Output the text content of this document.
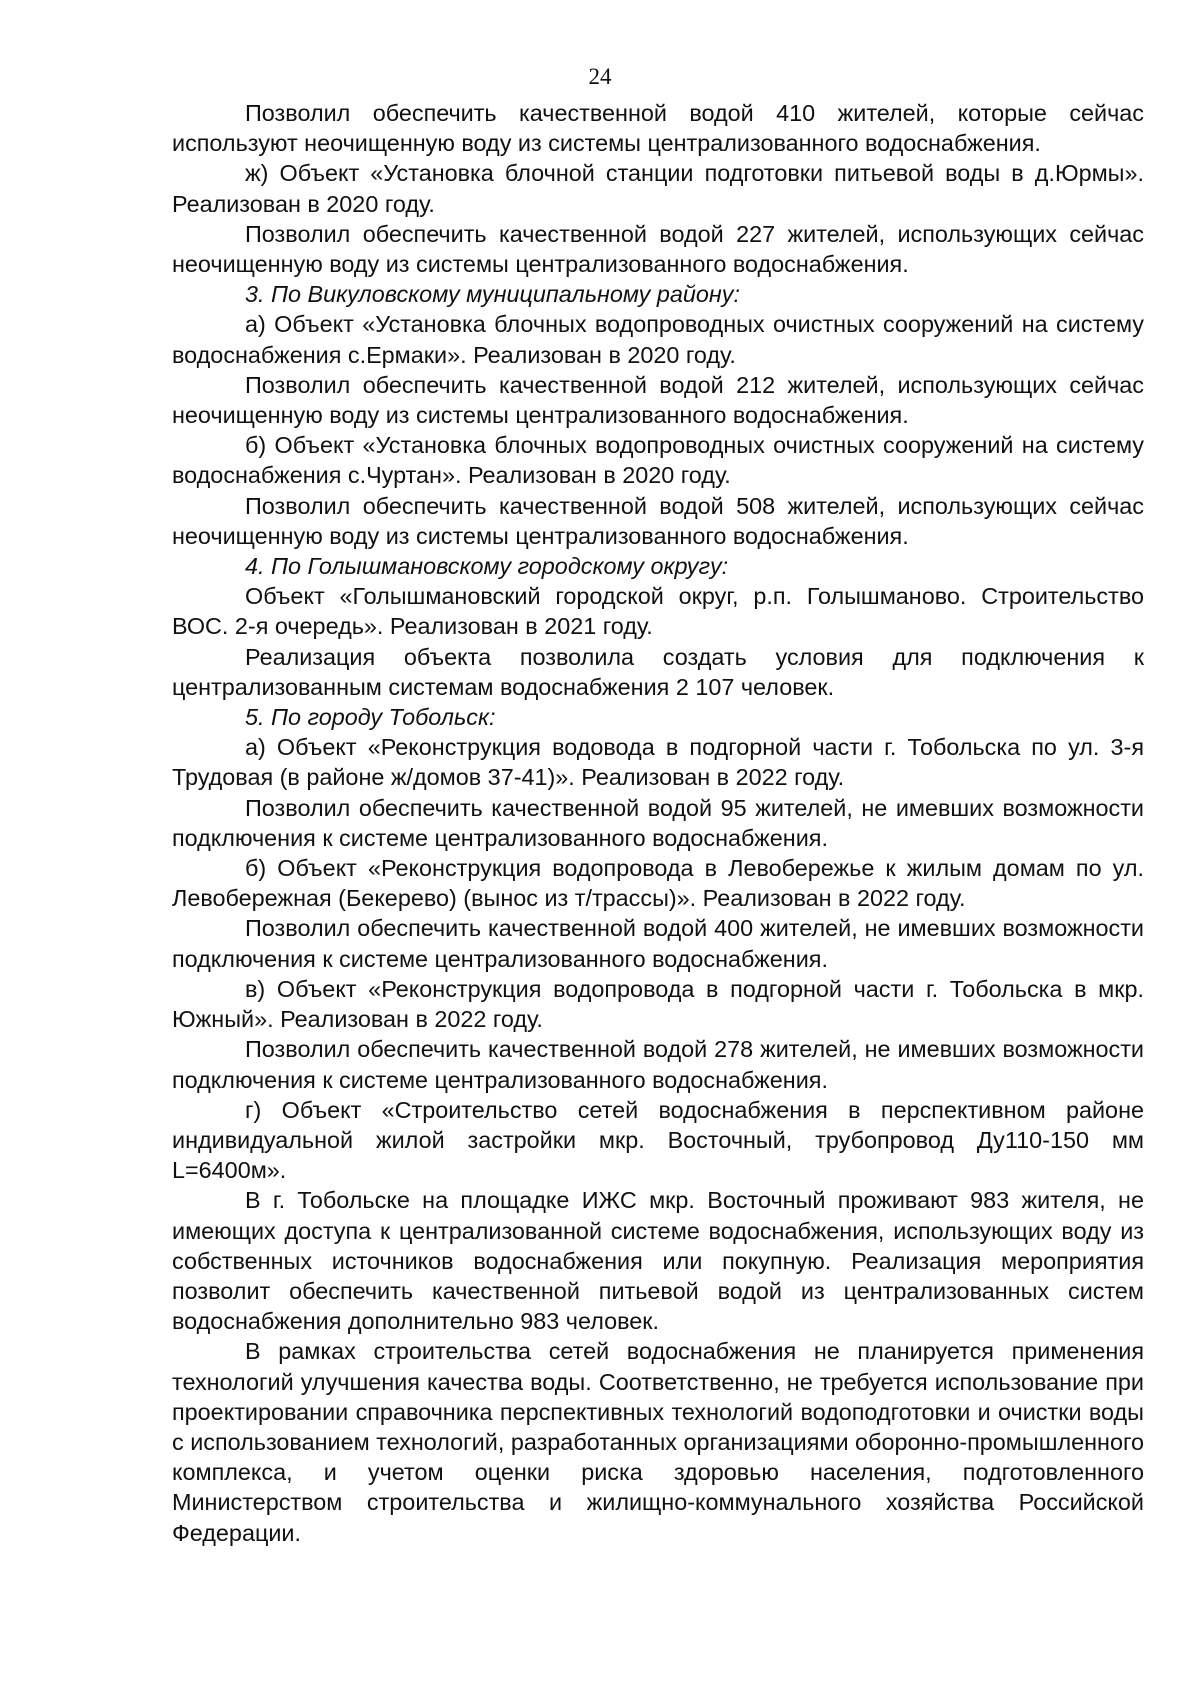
24

Позволил обеспечить качественной водой 410 жителей, которые сейчас используют неочищенную воду из системы централизованного водоснабжения.

ж) Объект «Установка блочной станции подготовки питьевой воды в д.Юрмы». Реализован в 2020 году.

Позволил обеспечить качественной водой 227 жителей, использующих сейчас неочищенную воду из системы централизованного водоснабжения.

3. По Викуловскому муниципальному району:

а) Объект «Установка блочных водопроводных очистных сооружений на систему водоснабжения с.Ермаки». Реализован в 2020 году.

Позволил обеспечить качественной водой 212 жителей, использующих сейчас неочищенную воду из системы централизованного водоснабжения.

б) Объект «Установка блочных водопроводных очистных сооружений на систему водоснабжения с.Чуртан». Реализован в 2020 году.

Позволил обеспечить качественной водой 508 жителей, использующих сейчас неочищенную воду из системы централизованного водоснабжения.

4. По Голышмановскому городскому округу:

Объект «Голышмановский городской округ, р.п. Голышманово. Строительство ВОС. 2-я очередь». Реализован в 2021 году.

Реализация объекта позволила создать условия для подключения к централизованным системам водоснабжения 2 107 человек.

5. По городу Тобольск:

а) Объект «Реконструкция водовода в подгорной части г. Тобольска по ул. 3-я Трудовая (в районе ж/домов 37-41)». Реализован в 2022 году.

Позволил обеспечить качественной водой 95 жителей, не имевших возможности подключения к системе централизованного водоснабжения.

б) Объект «Реконструкция водопровода в Левобережье к жилым домам по ул. Левобережная (Бекерево) (вынос из т/трассы)». Реализован в 2022 году.

Позволил обеспечить качественной водой 400 жителей, не имевших возможности подключения к системе централизованного водоснабжения.

в) Объект «Реконструкция водопровода в подгорной части г. Тобольска в мкр. Южный». Реализован в 2022 году.

Позволил обеспечить качественной водой 278 жителей, не имевших возможности подключения к системе централизованного водоснабжения.

г) Объект «Строительство сетей водоснабжения в перспективном районе индивидуальной жилой застройки мкр. Восточный, трубопровод Ду110-150 мм L=6400м».

В г. Тобольске на площадке ИЖС мкр. Восточный проживают 983 жителя, не имеющих доступа к централизованной системе водоснабжения, использующих воду из собственных источников водоснабжения или покупную. Реализация мероприятия позволит обеспечить качественной питьевой водой из централизованных систем водоснабжения дополнительно 983 человек.

В рамках строительства сетей водоснабжения не планируется применения технологий улучшения качества воды. Соответственно, не требуется использование при проектировании справочника перспективных технологий водоподготовки и очистки воды с использованием технологий, разработанных организациями оборонно-промышленного комплекса, и учетом оценки риска здоровью населения, подготовленного Министерством строительства и жилищно-коммунального хозяйства Российской Федерации.
